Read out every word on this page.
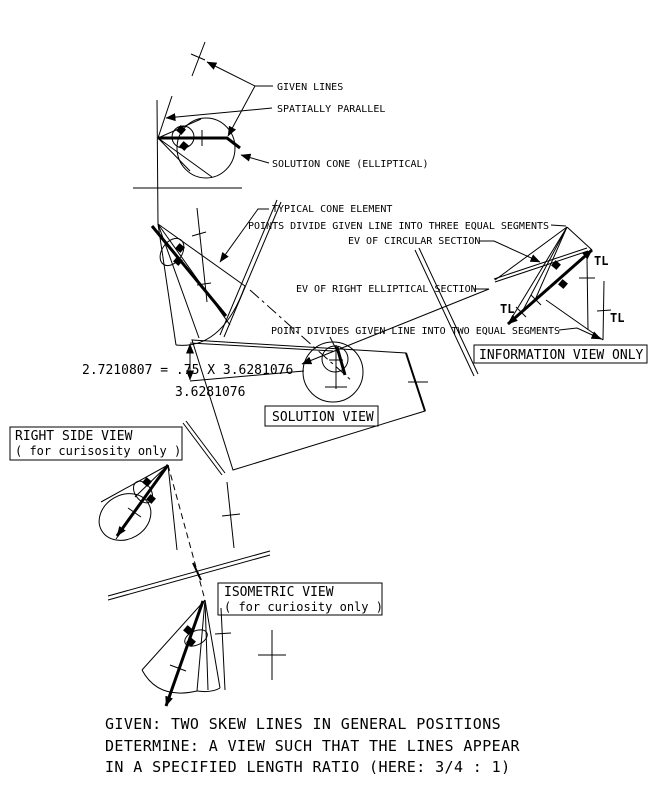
GIVEN LINES
SPATIALLY PARALLEL
SOLUTION CONE (ELLIPTICAL)
TYPICAL CONE ELEMENT
POINTS DIVIDE GIVEN LINE INTO THREE EQUAL SEGMENTS
EV OF CIRCULAR SECTION
EV OF RIGHT ELLIPTICAL SECTION
POINT DIVIDES GIVEN LINE INTO TWO EQUAL SEGMENTS
2.7210807 = .75 X 3.6281076
3.6281076
SOLUTION VIEW
TL
TL
TL
INFORMATION VIEW ONLY
RIGHT SIDE VIEW
( for curisosity only )
ISOMETRIC VIEW
( for curiosity only )
GIVEN: TWO SKEW LINES IN GENERAL POSITIONS
DETERMINE: A VIEW SUCH THAT THE LINES APPEAR
IN A SPECIFIED LENGTH RATIO (HERE: 3/4 : 1)
